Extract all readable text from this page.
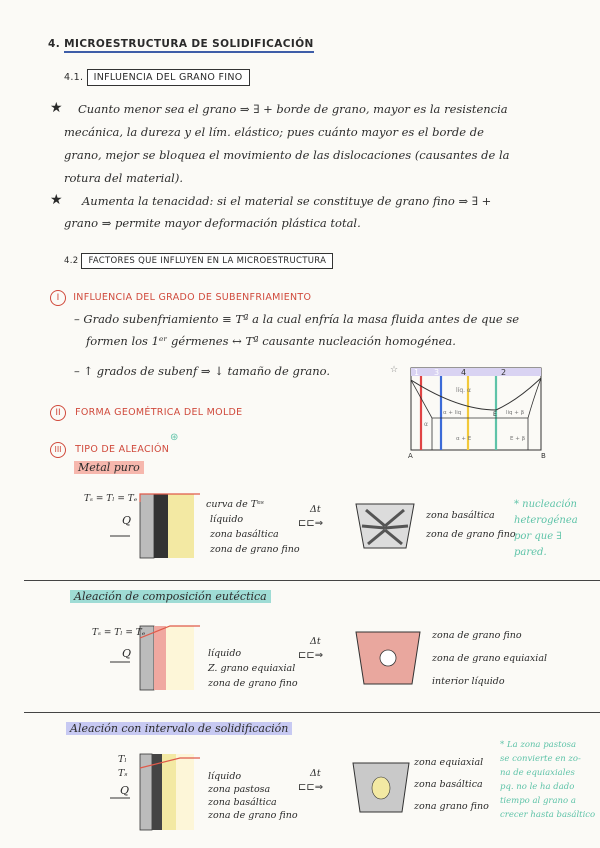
4. MICROESTRUCTURA DE SOLIDIFICACIÓN
4.1. INFLUENCIA DEL GRANO FINO
★ Cuanto menor sea el grano ⇒ ∃ + borde de grano, mayor es la resistencia
mecánica, la dureza y el lím. elástico; pues cuánto mayor es el borde de
grano, mejor se bloquea el movimiento de las dislocaciones (causantes de la
rotura del material).
★ Aumenta la tenacidad: si el material se constituye de grano fino ⇒ ∃ +
grano ⇒ permite mayor deformación plástica total.
4.2 FACTORES QUE INFLUYEN EN LA MICROESTRUCTURA
I INFLUENCIA DEL GRADO DE SUBENFRIAMIENTO
– Grado subenfriamiento ≡ Tª a la cual enfría la masa fluida antes de que se
formen los 1ᵉʳ gérmenes ↔ Tª causante nucleación homogénea.
– ↑ grados de subenf ⇒ ↓ tamaño de grano.
II FORMA GEOMÉTRICA DEL MOLDE
III TIPO DE ALEACIÓN
⊛
☆ 1 3	4	2
líq. α
α + liq	liq + β
E
α
α + E	E + β
A	B
Metal puro
Tₛ = Tₗ = Tₑ
Q
curva de Tᵉˢ
líquido
zona basáltica
zona de grano fino
Δt
⊏⊏⇒
zona basáltica
zona de grano fino
* nucleación
heterogénea
por que ∃
pared.
Aleación de composición eutéctica
Tₛ = Tₗ = Tₑ
Q	líquido
Z. grano equiaxial
zona de grano fino
Δt
⊏⊏⇒
zona de grano fino
zona de grano equiaxial
interior líquido
Aleación con intervalo de solidificación
Tₗ
Tₛ
Q
líquido
zona pastosa
zona basáltica
zona de grano fino
Δt
⊏⊏⇒
zona equiaxial
zona basáltica
zona grano fino
* La zona pastosa
se convierte en zo-
na de equiaxiales
pq. no le ha dado
tiempo al grano a
crecer hasta basáltico
